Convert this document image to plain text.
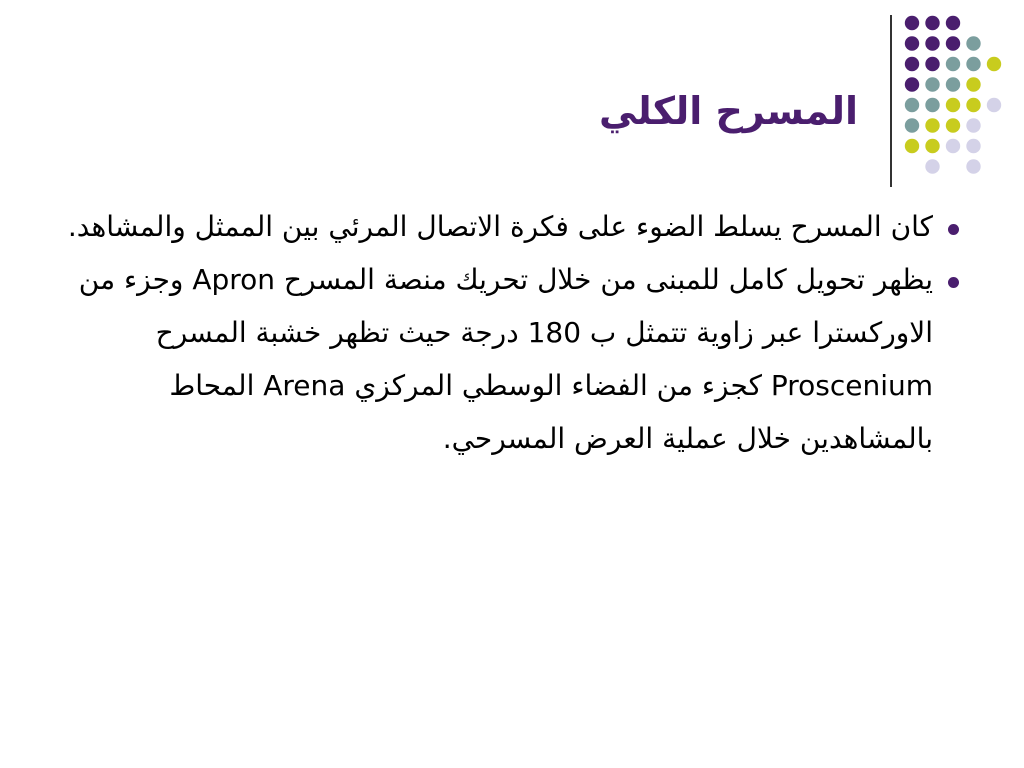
المسرح الكلي
كان المسرح يسلط الضوء على فكرة الاتصال المرئي بين الممثل والمشاهد.
يظهر تحويل كامل للمبنى من خلال تحريك منصة المسرح Apron وجزء من الاوركسترا عبر زاوية تتمثل ب 180 درجة حيث تظهر خشبة المسرح Proscenium كجزء من الفضاء الوسطي المركزي Arena المحاط بالمشاهدين خلال عملية العرض المسرحي.
